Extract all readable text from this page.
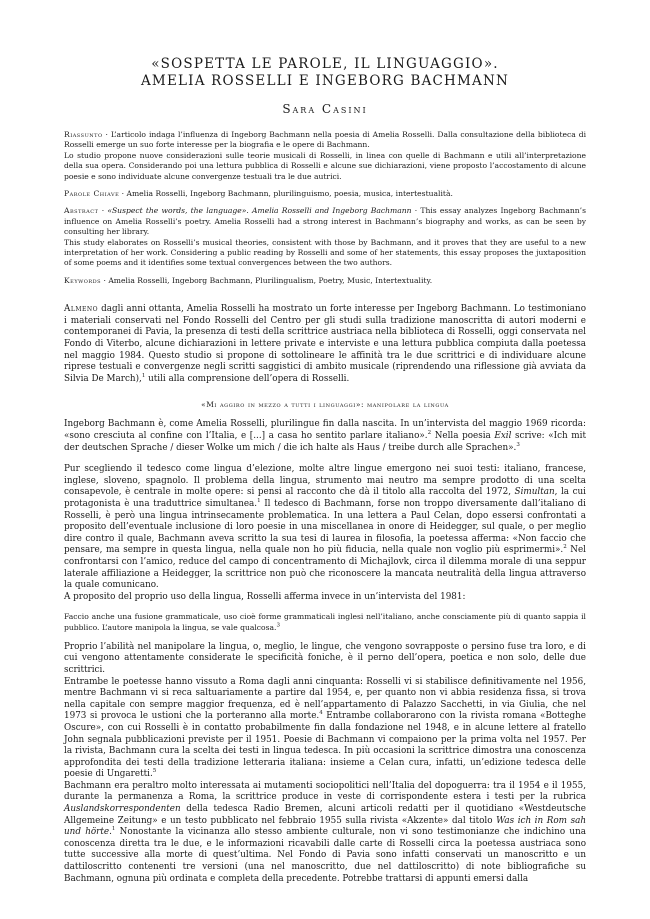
«SOSPETTA LE PAROLE, IL LINGUAGGIO».
AMELIA ROSSELLI E INGEBORG BACHMANN
Sara Casini

Riassunto · L’articolo indaga l’influenza di Ingeborg Bachmann nella poesia di Amelia Rosselli. Dalla consultazione della biblioteca di Rosselli emerge un suo forte interesse per la biografia e le opere di Bachmann.

Lo studio propone nuove considerazioni sulle teorie musicali di Rosselli, in linea con quelle di Bachmann e utili all’interpretazione della sua opera. Considerando poi una lettura pubblica di Rosselli e alcune sue dichiarazioni, viene proposto l’accostamento di alcune poesie e sono individuate alcune convergenze testuali tra le due autrici.

Parole Chiave · Amelia Rosselli, Ingeborg Bachmann, plurilinguismo, poesia, musica, intertestualità.

Abstract · «Suspect the words, the language». Amelia Rosselli and Ingeborg Bachmann · This essay analyzes Ingeborg Bachmann’s influence on Amelia Rosselli’s poetry. Amelia Rosselli had a strong interest in Bachmann’s biography and works, as can be seen by consulting her library.

This study elaborates on Rosselli’s musical theories, consistent with those by Bachmann, and it proves that they are useful to a new interpretation of her work. Considering a public reading by Rosselli and some of her statements, this essay proposes the juxtaposition of some poems and it identifies some textual convergences between the two authors.

Keywords · Amelia Rosselli, Ingeborg Bachmann, Plurilingualism, Poetry, Music, Intertextuality.

Almeno dagli anni ottanta, Amelia Rosselli ha mostrato un forte interesse per Ingeborg Bachmann. Lo testimoniano i materiali conservati nel Fondo Rosselli del Centro per gli studi sulla tradizione manoscritta di autori moderni e contemporanei di Pavia, la presenza di testi della scrittrice austriaca nella biblioteca di Rosselli, oggi conservata nel Fondo di Viterbo, alcune dichiarazioni in lettere private e interviste e una lettura pubblica compiuta dalla poetessa nel maggio 1984. Questo studio si propone di sottolineare le affinità tra le due scrittrici e di individuare alcune riprese testuali e convergenze negli scritti saggistici di ambito musicale (riprendendo una riflessione già avviata da Silvia De March),$^1$ utili alla comprensione dell’opera di Rosselli.

«Mi aggiro in mezzo a tutti i linguaggi»: manipolare la lingua

Ingeborg Bachmann è, come Amelia Rosselli, plurilingue fin dalla nascita. In un’intervista del maggio 1969 ricorda: «sono cresciuta al confine con l’Italia, e [...] a casa ho sentito parlare italiano».$^2$ Nella poesia Exil scrive: «Ich mit der deutschen Sprache / dieser Wolke um mich / die ich halte als Haus / treibe durch alle Sprachen».$^3$

Pur scegliendo il tedesco come lingua d’elezione, molte altre lingue emergono nei suoi testi: italiano, francese, inglese, sloveno, spagnolo. Il problema della lingua, strumento mai neutro ma sempre prodotto di una scelta consapevole, è centrale in molte opere: si pensi al racconto che dà il titolo alla raccolta del 1972, Simultan, la cui protagonista è una traduttrice simultanea.$^1$ Il tedesco di Bachmann, forse non troppo diversamente dall’italiano di Rosselli, è però una lingua intrinsecamente problematica. In una lettera a Paul Celan, dopo essersi confrontati a proposito dell’eventuale inclusione di loro poesie in una miscellanea in onore di Heidegger, sul quale, o per meglio dire contro il quale, Bachmann aveva scritto la sua tesi di laurea in filosofia, la poetessa afferma: «Non faccio che pensare, ma sempre in questa lingua, nella quale non ho più fiducia, nella quale non voglio più esprimermi».$^2$ Nel confrontarsi con l’amico, reduce del campo di concentramento di Michajlovk, circa il dilemma morale di una seppur laterale affiliazione a Heidegger, la scrittrice non può che riconoscere la mancata neutralità della lingua attraverso la quale comunicano.
A proposito del proprio uso della lingua, Rosselli afferma invece in un’intervista del 1981:

Faccio anche una fusione grammaticale, uso cioè forme grammaticali inglesi nell’italiano, anche consciamente più di quanto sappia il pubblico. L’autore manipola la lingua, se vale qualcosa.$^3$

Proprio l’abilità nel manipolare la lingua, o, meglio, le lingue, che vengono sovrapposte o persino fuse tra loro, e di cui vengono attentamente considerate le specificità foniche, è il perno dell’opera, poetica e non solo, delle due scrittrici.

Entrambe le poetesse hanno vissuto a Roma dagli anni cinquanta: Rosselli vi si stabilisce definitivamente nel 1956, mentre Bachmann vi si reca saltuariamente a partire dal 1954, e, per quanto non vi abbia residenza fissa, si trova nella capitale con sempre maggior frequenza, ed è nell’appartamento di Palazzo Sacchetti, in via Giulia, che nel 1973 si provoca le ustioni che la porteranno alla morte.$^4$ Entrambe collaborarono con la rivista romana «Botteghe Oscure», con cui Rosselli è in contatto probabilmente fin dalla fondazione nel 1948, e in alcune lettere al fratello John segnala pubblicazioni previste per il 1951. Poesie di Bachmann vi compaiono per la prima volta nel 1957. Per la rivista, Bachmann cura la scelta dei testi in lingua tedesca. In più occasioni la scrittrice dimostra una conoscenza approfondita dei testi della tradizione letteraria italiana: insieme a Celan cura, infatti, un’edizione tedesca delle poesie di Ungaretti.$^5$

Bachmann era peraltro molto interessata ai mutamenti sociopolitici nell’Italia del dopoguerra: tra il 1954 e il 1955, durante la permanenza a Roma, la scrittrice produce in veste di corrispondente estera i testi per la rubrica Auslandskorrespondenten della tedesca Radio Bremen, alcuni articoli redatti per il quotidiano «Westdeutsche Allgemeine Zeitung» e un testo pubblicato nel febbraio 1955 sulla rivista «Akzente» dal titolo Was ich in Rom sah und hörte.$^1$ Nonostante la vicinanza allo stesso ambiente culturale, non vi sono testimonianze che indichino una conoscenza diretta tra le due, e le informazioni ricavabili dalle carte di Rosselli circa la poetessa austriaca sono tutte successive alla morte di quest’ultima. Nel Fondo di Pavia sono infatti conservati un manoscritto e un dattiloscritto contenenti tre versioni (una nel manoscritto, due nel dattiloscritto) di note bibliografiche su Bachmann, ognuna più ordinata e completa della precedente. Potrebbe trattarsi di appunti emersi dalla
